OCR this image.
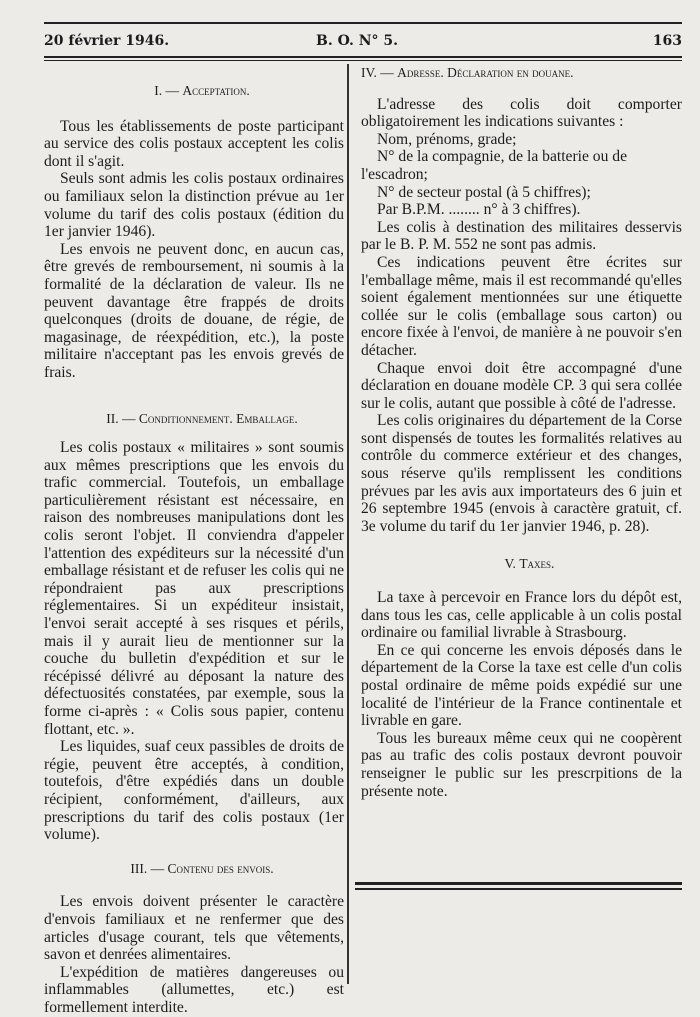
20 février 1946.	B. O. N° 5.	163

I. — Acceptation.

Tous les établissements de poste participant au service des colis postaux acceptent les colis dont il s'agit.

Seuls sont admis les colis postaux ordinaires ou familiaux selon la distinction prévue au 1er volume du tarif des colis postaux (édition du 1er janvier 1946).

Les envois ne peuvent donc, en aucun cas, être grevés de remboursement, ni soumis à la formalité de la déclaration de valeur. Ils ne peuvent davantage être frappés de droits quelconques (droits de douane, de régie, de magasinage, de réexpédition, etc.), la poste militaire n'acceptant pas les envois grevés de frais.

II. — Conditionnement. Emballage.

Les colis postaux « militaires » sont soumis aux mêmes prescriptions que les envois du trafic commercial. Toutefois, un emballage particulièrement résistant est nécessaire, en raison des nombreuses manipulations dont les colis seront l'objet. Il conviendra d'appeler l'attention des expéditeurs sur la nécessité d'un emballage résistant et de refuser les colis qui ne répondraient pas aux prescriptions réglementaires. Si un expéditeur insistait, l'envoi serait accepté à ses risques et périls, mais il y aurait lieu de mentionner sur la couche du bulletin d'expédition et sur le récépissé délivré au déposant la nature des défectuosités constatées, par exemple, sous la forme ci-après : « Colis sous papier, contenu flottant, etc. ».

Les liquides, suaf ceux passibles de droits de régie, peuvent être acceptés, à condition, toutefois, d'être expédiés dans un double récipient, conformément, d'ailleurs, aux prescriptions du tarif des colis postaux (1er volume).

III. — Contenu des envois.

Les envois doivent présenter le caractère d'envois familiaux et ne renfermer que des articles d'usage courant, tels que vêtements, savon et denrées alimentaires.

L'expédition de matières dangereuses ou inflammables (allumettes, etc.) est formellement interdite.

IV. — Adresse. Déclaration en douane.

L'adresse des colis doit comporter obligatoirement les indications suivantes :

Nom, prénoms, grade;

N° de la compagnie, de la batterie ou de l'escadron;

N° de secteur postal (à 5 chiffres);

Par B.P.M. ........ n° à 3 chiffres).

Les colis à destination des militaires desservis par le B. P. M. 552 ne sont pas admis.

Ces indications peuvent être écrites sur l'emballage même, mais il est recommandé qu'elles soient également mentionnées sur une étiquette collée sur le colis (emballage sous carton) ou encore fixée à l'envoi, de manière à ne pouvoir s'en détacher.

Chaque envoi doit être accompagné d'une déclaration en douane modèle CP. 3 qui sera collée sur le colis, autant que possible à côté de l'adresse.

Les colis originaires du département de la Corse sont dispensés de toutes les formalités relatives au contrôle du commerce extérieur et des changes, sous réserve qu'ils remplissent les conditions prévues par les avis aux importateurs des 6 juin et 26 septembre 1945 (envois à caractère gratuit, cf. 3e volume du tarif du 1er janvier 1946, p. 28).

V. Taxes.

La taxe à percevoir en France lors du dépôt est, dans tous les cas, celle applicable à un colis postal ordinaire ou familial livrable à Strasbourg.

En ce qui concerne les envois déposés dans le département de la Corse la taxe est celle d'un colis postal ordinaire de même poids expédié sur une localité de l'intérieur de la France continentale et livrable en gare.

Tous les bureaux même ceux qui ne coopèrent pas au trafic des colis postaux devront pouvoir renseigner le public sur les prescrpitions de la présente note.
